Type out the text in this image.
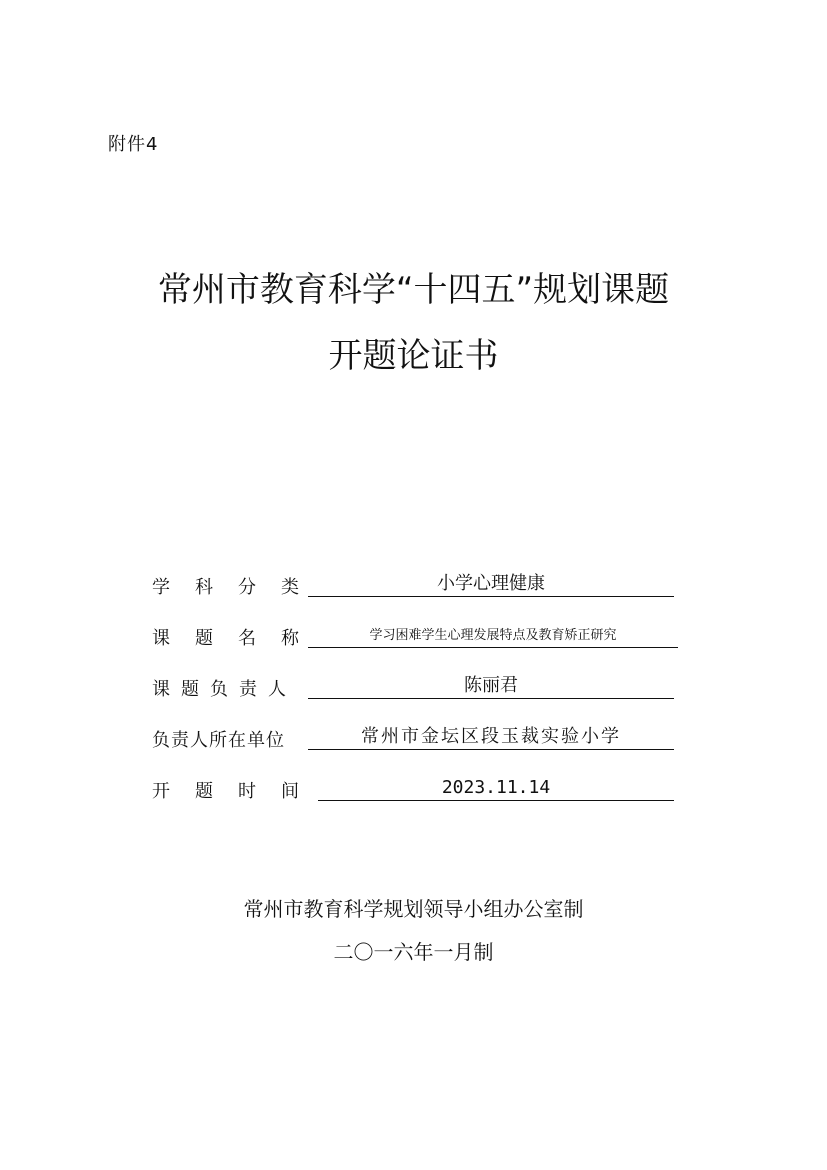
附件4
常州市教育科学“十四五”规划课题
开题论证书
学科分类	小学心理健康
课题名称	学习困难学生心理发展特点及教育矫正研究
课题负责人	陈丽君
负责人所在单位	常州市金坛区段玉裁实验小学
开题时间	2023.11.14
常州市教育科学规划领导小组办公室制
二〇一六年一月制
